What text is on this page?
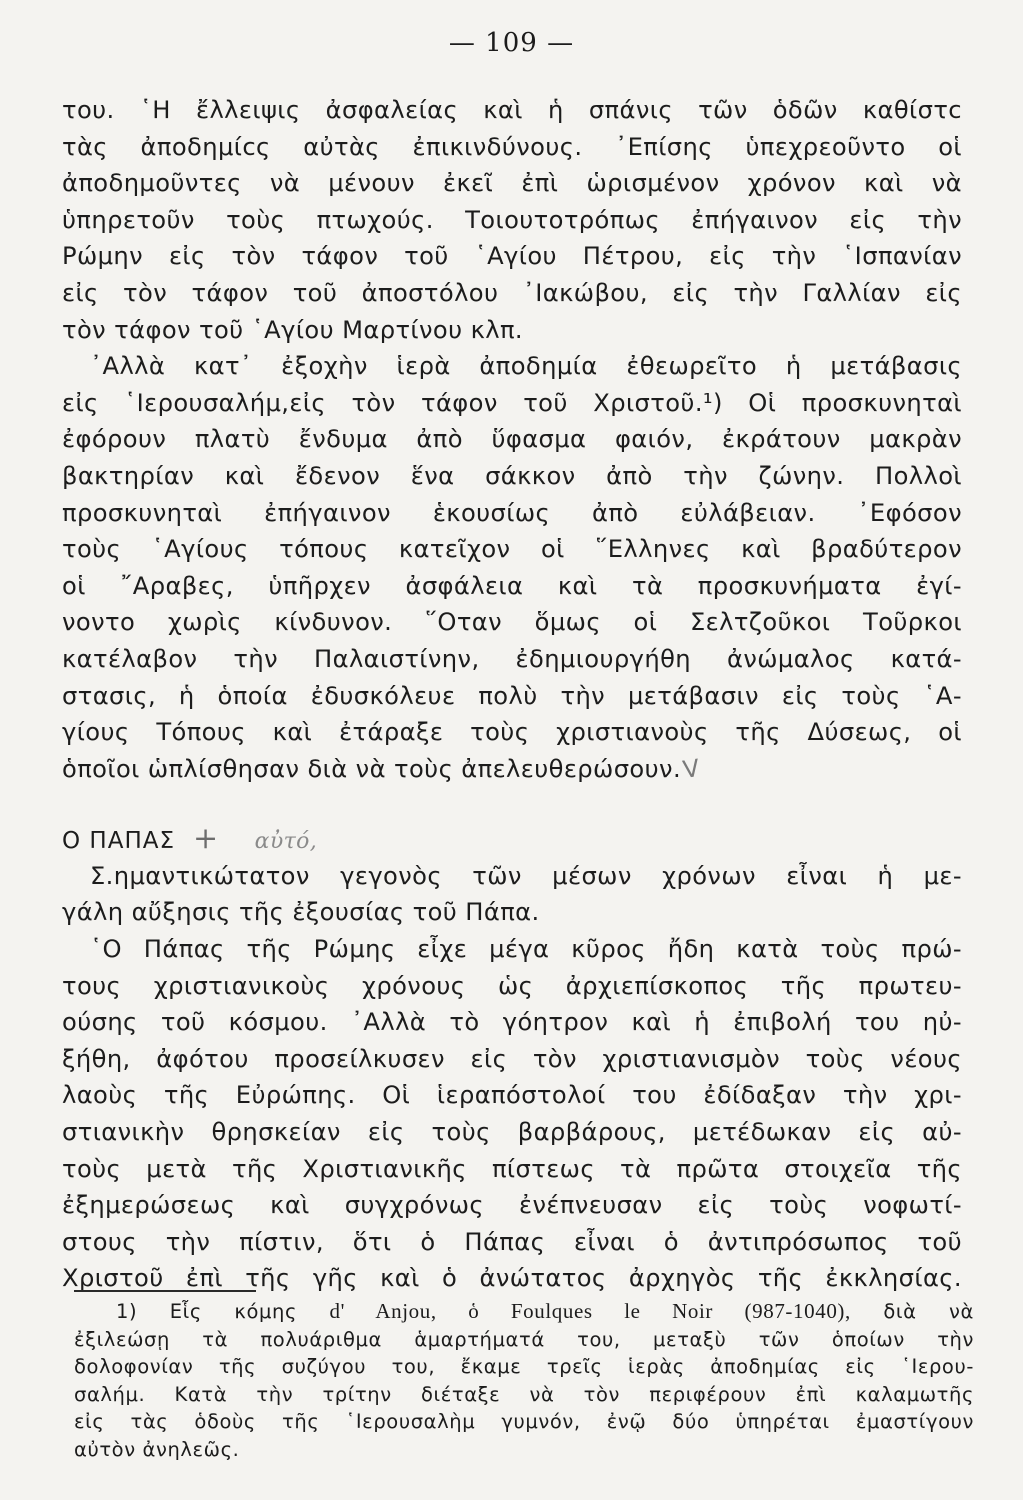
— 109 —
του. ῾Η ἔλλειψις ἀσφαλείας καὶ ἡ σπάνις τῶν ὁδῶν καθίστc
τὰς ἀποδημίcς αὐτὰς ἐπικινδύνους. ᾽Επίσης ὑπεχρεοῦντο οἱ
ἀποδημοῦντες νὰ μένουν ἐκεῖ ἐπὶ ὡρισμένον χρόνον καὶ νὰ
ὑπηρετοῦν τοὺς πτωχούς. Τοιουτοτρόπως ἐπήγαινον εἰς τὴν
Ρώμην εἰς τὸν τάφον τοῦ ῾Αγίου Πέτρου, εἰς τὴν ῾Ισπανίαν
εἰς τὸν τάφον τοῦ ἀποστόλου ᾽Ιακώβου, εἰς τὴν Γαλλίαν εἰς
τὸν τάφον τοῦ ῾Αγίου Μαρτίνου κλπ.
᾽Αλλὰ κατ᾽ ἐξοχὴν ἱερὰ ἀποδημία ἐθεωρεῖτο ἡ μετάβασις
εἰς ῾Ιερουσαλήμ,εἰς τὸν τάφον τοῦ Χριστοῦ.¹) Οἱ προσκυνηταὶ
ἐφόρουν πλατὺ ἔνδυμα ἀπὸ ὕφασμα φαιόν, ἐκράτουν μακρὰν
βακτηρίαν καὶ ἔδενον ἕνα σάκκον ἀπὸ τὴν ζώνην. Πολλοὶ
προσκυνηταὶ ἐπήγαινον ἑκουσίως ἀπὸ εὐλάβειαν. ᾽Εφόσον
τοὺς ῾Αγίους τόπους κατεῖχον οἱ ῞Ελληνες καὶ βραδύτερον
οἱ ῎Αραβες, ὑπῆρχεν ἀσφάλεια καὶ τὰ προσκυνήματα ἐγί-
νοντο χωρὶς κίνδυνον. ῞Οταν ὅμως οἱ Σελτζοῦκοι Τοῦρκοι
κατέλαβον τὴν Παλαιστίνην, ἐδημιουργήθη ἀνώμαλος κατά-
στασις, ἡ ὁποία ἐδυσκόλευε πολὺ τὴν μετάβασιν εἰς τοὺς ῾Α-
γίους Τόπους καὶ ἐτάραξε τοὺς χριστιανοὺς τῆς Δύσεως, οἱ
ὁποῖοι ὡπλίσθησαν διὰ νὰ τοὺς ἀπελευθερώσουν.V
Ο ΠΑΠΑΣ + αὐτό,
Σ.ημαντικώτατον γεγονὸς τῶν μέσων χρόνων εἶναι ἡ με-
γάλη αὔξησις τῆς ἐξουσίας τοῦ Πάπα.
῾Ο Πάπας τῆς Ρώμης εἶχε μέγα κῦρος ἤδη κατὰ τοὺς πρώ-
τους χριστιανικοὺς χρόνους ὡς ἀρχιεπίσκοπος τῆς πρωτευ-
ούσης τοῦ κόσμου. ᾽Αλλὰ τὸ γόητρον καὶ ἡ ἐπιβολή του ηὐ-
ξήθη, ἀφότου προσείλκυσεν εἰς τὸν χριστιανισμὸν τοὺς νέους
λαοὺς τῆς Εὐρώπης. Οἱ ἱεραπόστολοί του ἐδίδαξαν τὴν χρι-
στιανικὴν θρησκείαν εἰς τοὺς βαρβάρους, μετέδωκαν εἰς αὐ-
τοὺς μετὰ τῆς Χριστιανικῆς πίστεως τὰ πρῶτα στοιχεῖα τῆς
ἐξημερώσεως καὶ συγχρόνως ἐνέπνευσαν εἰς τοὺς νοφωτί-
στους τὴν πίστιν, ὅτι ὁ Πάπας εἶναι ὁ ἀντιπρόσωπος τοῦ
Χριστοῦ ἐπὶ τῆς γῆς καὶ ὁ ἀνώτατος ἀρχηγὸς τῆς ἐκκλησίας.
1) Εἷς κόμης d' Anjou, ὁ Foulques le Noir (987-1040), διὰ νὰ
ἐξιλεώσῃ τὰ πολυάριθμα ἁμαρτήματά του, μεταξὺ τῶν ὁποίων τὴν
δολοφονίαν τῆς συζύγου του, ἔκαμε τρεῖς ἱερὰς ἀποδημίας εἰς ῾Ιερου-
σαλήμ. Κατὰ τὴν τρίτην διέταξε νὰ τὸν περιφέρουν ἐπὶ καλαμωτῆς
εἰς τὰς ὁδοὺς τῆς ῾Ιερουσαλὴμ γυμνόν, ἐνῷ δύο ὑπηρέται ἐμαστίγουν
αὐτὸν ἀνηλεῶς.
